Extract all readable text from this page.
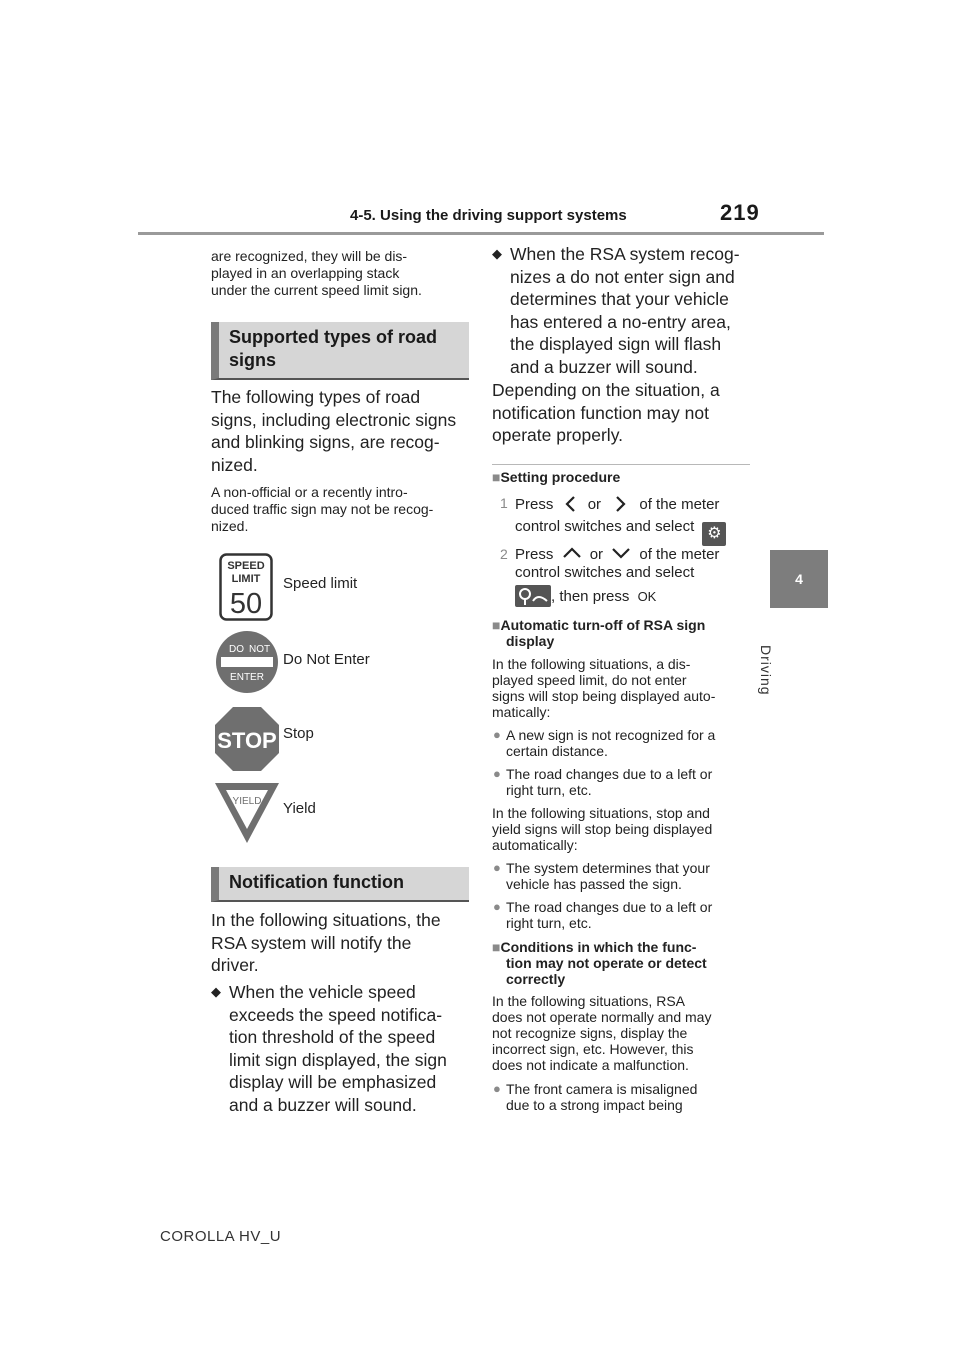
4-5. Using the driving support systems	219
4
Driving
are recognized, they will be dis-
played in an overlapping stack
under the current speed limit sign.
Supported types of road
signs
The following types of road
signs, including electronic signs
and blinking signs, are recog-
nized.
A non-official or a recently intro-
duced traffic sign may not be recog-
nized.
SPEED
LIMIT
50
Speed limit
DO NOT
ENTER
Do Not Enter
STOP Stop
YIELD Yield
Notification function
In the following situations, the
RSA system will notify the
driver.
◆ When the vehicle speed
exceeds the speed notifica-
tion threshold of the speed
limit sign displayed, the sign
display will be emphasized
and a buzzer will sound.
◆ When the RSA system recog-
nizes a do not enter sign and
determines that your vehicle
has entered a no-entry area,
the displayed sign will flash
and a buzzer will sound.
Depending on the situation, a
notification function may not
operate properly.
■Setting procedure
1 Press or	of the meter
control switches and select ⚙
2 Press or of the meter
control switches and select
, then press OK
■Automatic turn-off of RSA sign
display
In the following situations, a dis-
played speed limit, do not enter
signs will stop being displayed auto-
matically:
● A new sign is not recognized for a
certain distance.
● The road changes due to a left or
right turn, etc.
In the following situations, stop and
yield signs will stop being displayed
automatically:
● The system determines that your
vehicle has passed the sign.
● The road changes due to a left or
right turn, etc.
■Conditions in which the func-
tion may not operate or detect
correctly
In the following situations, RSA
does not operate normally and may
not recognize signs, display the
incorrect sign, etc. However, this
does not indicate a malfunction.
● The front camera is misaligned
due to a strong impact being
COROLLA HV_U
